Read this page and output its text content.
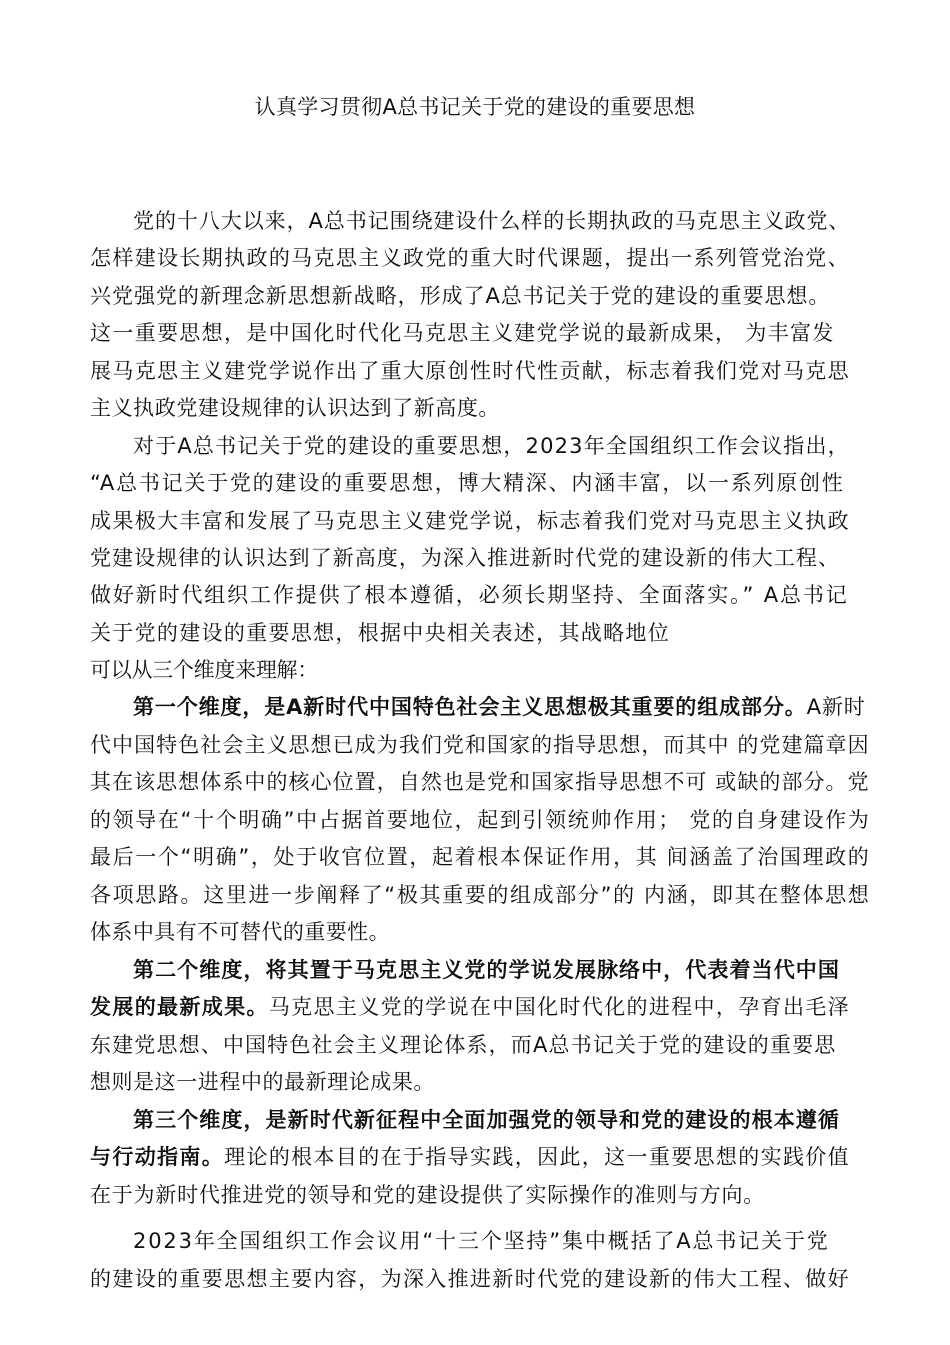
认真学习贯彻A总书记关于党的建设的重要思想
党的十八大以来，A总书记围绕建设什么样的长期执政的马克思主义政党、
怎样建设长期执政的马克思主义政党的重大时代课题，提出一系列管党治党、
兴党强党的新理念新思想新战略，形成了A总书记关于党的建设的重要思想。
这一重要思想，是中国化时代化马克思主义建党学说的最新成果， 为丰富发
展马克思主义建党学说作出了重大原创性时代性贡献，标志着我们党对马克思
主义执政党建设规律的认识达到了新高度。
对于A总书记关于党的建设的重要思想，2023年全国组织工作会议指出，
“A总书记关于党的建设的重要思想，博大精深、内涵丰富，以一系列原创性
成果极大丰富和发展了马克思主义建党学说，标志着我们党对马克思主义执政
党建设规律的认识达到了新高度，为深入推进新时代党的建设新的伟大工程、
做好新时代组织工作提供了根本遵循，必须长期坚持、全面落实。” A总书记
关于党的建设的重要思想，根据中央相关表述，其战略地位
可以从三个维度来理解：
第一个维度，是A新时代中国特色社会主义思想极其重要的组成部分。A新时
代中国特色社会主义思想已成为我们党和国家的指导思想，而其中 的党建篇章因
其在该思想体系中的核心位置，自然也是党和国家指导思想不可 或缺的部分。党
的领导在“十个明确”中占据首要地位，起到引领统帅作用； 党的自身建设作为
最后一个“明确”，处于收官位置，起着根本保证作用，其 间涵盖了治国理政的
各项思路。这里进一步阐释了“极其重要的组成部分”的 内涵，即其在整体思想
体系中具有不可替代的重要性。
第二个维度，将其置于马克思主义党的学说发展脉络中，代表着当代中国
发展的最新成果。马克思主义党的学说在中国化时代化的进程中，孕育出毛泽
东建党思想、中国特色社会主义理论体系，而A总书记关于党的建设的重要思
想则是这一进程中的最新理论成果。
第三个维度，是新时代新征程中全面加强党的领导和党的建设的根本遵循
与行动指南。理论的根本目的在于指导实践，因此，这一重要思想的实践价值
在于为新时代推进党的领导和党的建设提供了实际操作的准则与方向。
2023年全国组织工作会议用“十三个坚持”集中概括了A总书记关于党
的建设的重要思想主要内容，为深入推进新时代党的建设新的伟大工程、做好
